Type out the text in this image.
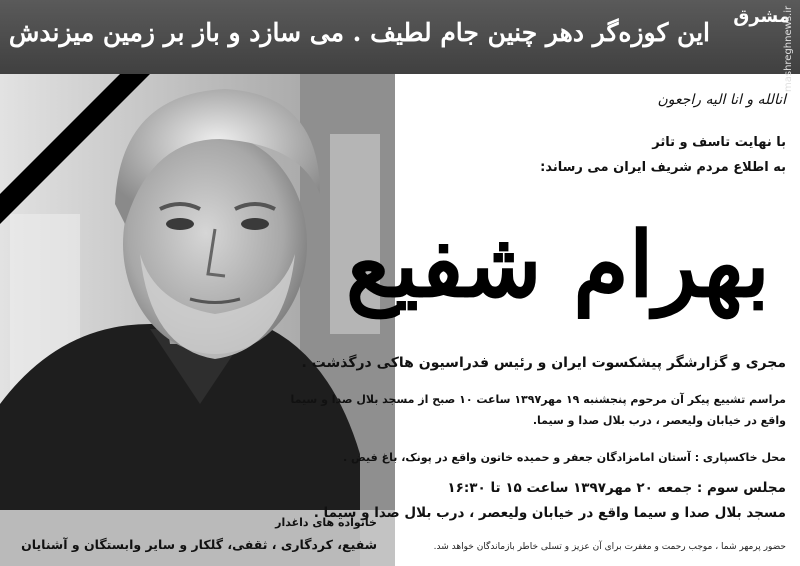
این کوزه‌گر دهر چنین جام لطیف . می سازد و باز بر زمین میزندش
مشرق
mashreghnews.ir
خانواده های داغدار
شفیع، کردگاری ، ثقفی، گلکار و سایر وابستگان و آشنایان
انالله و انا الیه راجعون
با نهایت تاسف و تاثر
به اطلاع مردم شریف ایران می رساند:
بهرام شفیع
مجری و گزارشگر پیشکسوت ایران و رئیس فدراسیون هاکی درگذشت .
مراسم تشییع پیکر آن مرحوم پنجشنبه ۱۹ مهر۱۳۹۷ ساعت ۱۰ صبح از مسجد بلال صدا و سیما
واقع در خیابان ولیعصر ، درب بلال صدا و سیما.
محل خاکسپاری : آستان امامزادگان جعفر و حمیده خاتون واقع در پونک، باغ فیض .
مجلس سوم : جمعه ۲۰ مهر۱۳۹۷ ساعت ۱۵ تا ۱۶:۳۰
مسجد بلال صدا و سیما واقع در خیابان ولیعصر ، درب بلال صدا و سیما .
حضور پرمهر شما ، موجب رحمت و مغفرت برای آن عزیز و تسلی خاطر بازماندگان خواهد شد.
